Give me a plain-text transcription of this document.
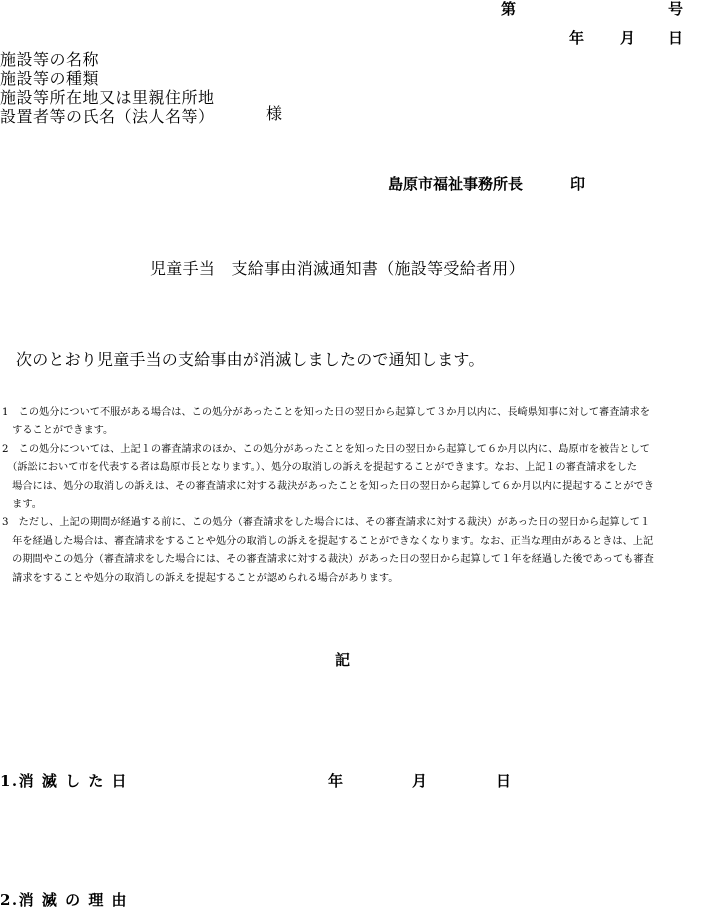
第	号
年 月 日
施設等の名称
施設等の種類
施設等所在地又は里親住所地
設置者等の氏名（法人名等）	様
島原市福祉事務所長	印
児童手当　支給事由消滅通知書（施設等受給者用）
次のとおり児童手当の支給事由が消滅しましたので通知します。
1　この処分について不服がある場合は、この処分があったことを知った日の翌日から起算して３か月以内に、長崎県知事に対して審査請求を
　することができます。
2　この処分については、上記１の審査請求のほか、この処分があったことを知った日の翌日から起算して６か月以内に、島原市を被告として
　（訴訟において市を代表する者は島原市長となります。）、処分の取消しの訴えを提起することができます。なお、上記１の審査請求をした
　場合には、処分の取消しの訴えは、その審査請求に対する裁決があったことを知った日の翌日から起算して６か月以内に提起することができ
　ます。
3　ただし、上記の期間が経過する前に、この処分（審査請求をした場合には、その審査請求に対する裁決）があった日の翌日から起算して１
　年を経過した場合は、審査請求をすることや処分の取消しの訴えを提起することができなくなります。なお、正当な理由があるときは、上記
　の期間やこの処分（審査請求をした場合には、その審査請求に対する裁決）があった日の翌日から起算して１年を経過した後であっても審査
　請求をすることや処分の取消しの訴えを提起することが認められる場合があります。
記
1.消 滅 し た 日	年	月	日
2.消 滅 の 理 由
